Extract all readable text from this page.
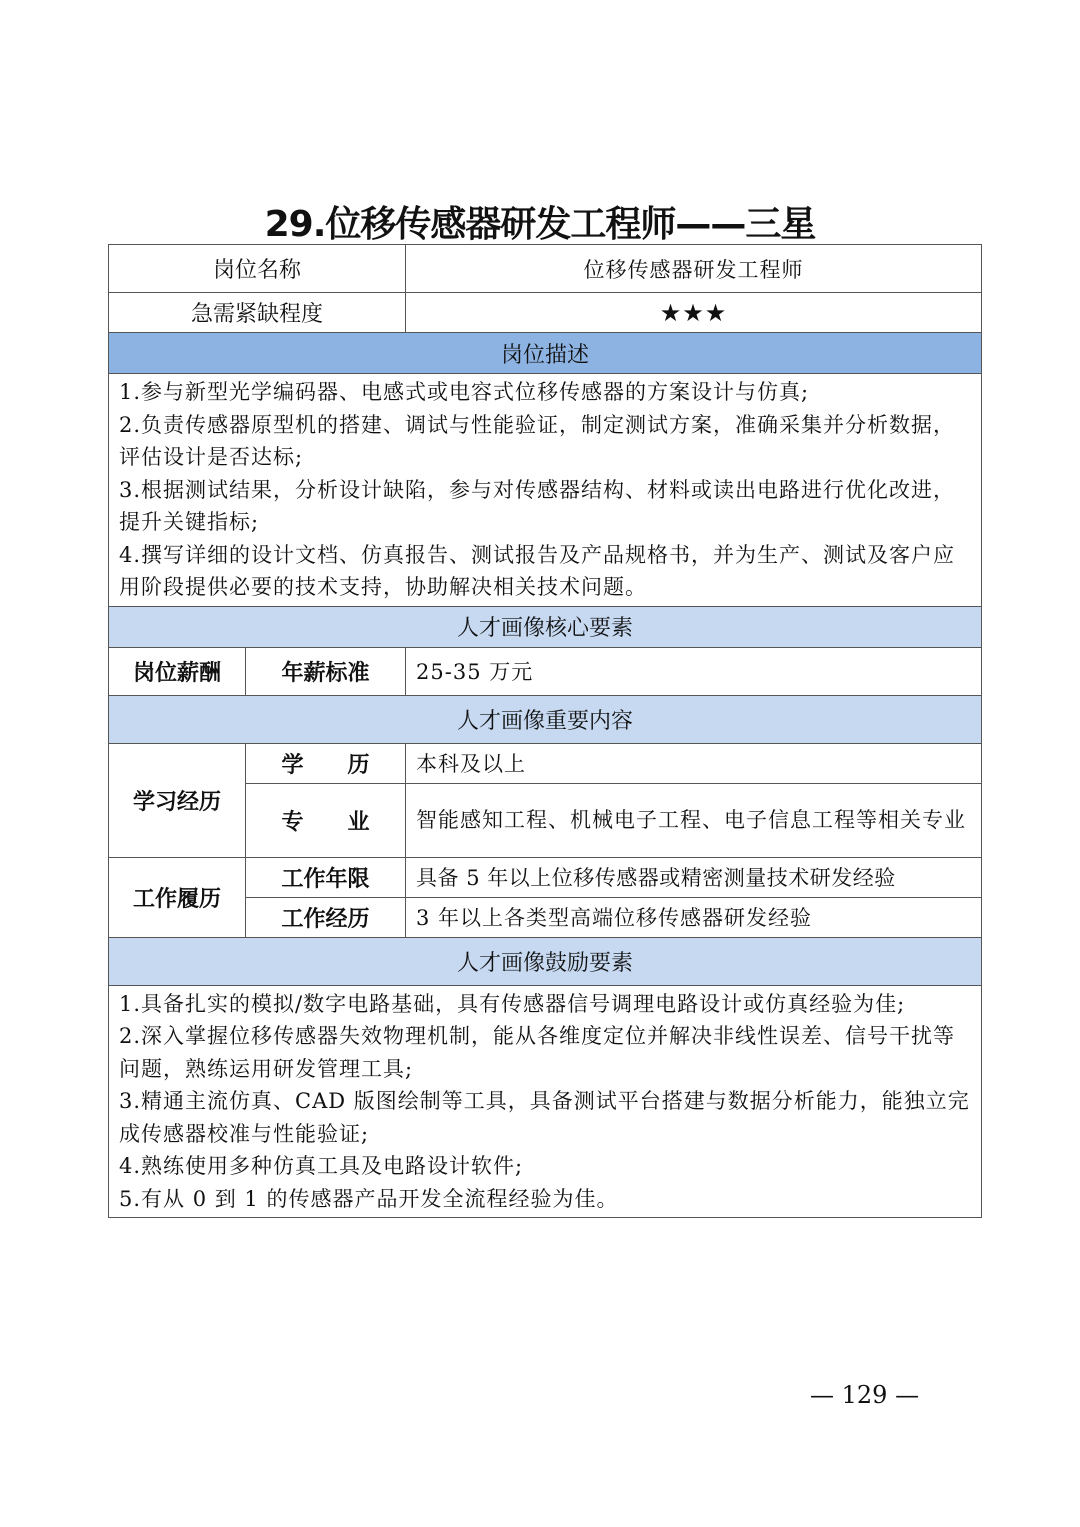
29.位移传感器研发工程师——三星
岗位名称		位移传感器研发工程师
急需紧缺程度		★★★
岗位描述		

1.参与新型光学编码器、电感式或电容式位移传感器的方案设计与仿真;
2.负责传感器原型机的搭建、调试与性能验证，制定测试方案，准确采集并分析数据，评估设计是否达标;
3.根据测试结果，分析设计缺陷，参与对传感器结构、材料或读出电路进行优化改进，提升关键指标;
4.撰写详细的设计文档、仿真报告、测试报告及产品规格书，并为生产、测试及客户应用阶段提供必要的技术支持，协助解决相关技术问题。		

人才画像核心要素		
岗位薪酬	年薪标准	25-35 万元
人才画像重要内容		
学习经历	学　　历	本科及以上
	专　　业	智能感知工程、机械电子工程、电子信息工程等相关专业
工作履历	工作年限	具备 5 年以上位移传感器或精密测量技术研发经验
	工作经历	3 年以上各类型高端位移传感器研发经验
人才画像鼓励要素		

1.具备扎实的模拟/数字电路基础，具有传感器信号调理电路设计或仿真经验为佳;
2.深入掌握位移传感器失效物理机制，能从各维度定位并解决非线性误差、信号干扰等问题，熟练运用研发管理工具;
3.精通主流仿真、CAD 版图绘制等工具，具备测试平台搭建与数据分析能力，能独立完成传感器校准与性能验证;
4.熟练使用多种仿真工具及电路设计软件;
5.有从 0 到 1 的传感器产品开发全流程经验为佳。		
— 129 —
